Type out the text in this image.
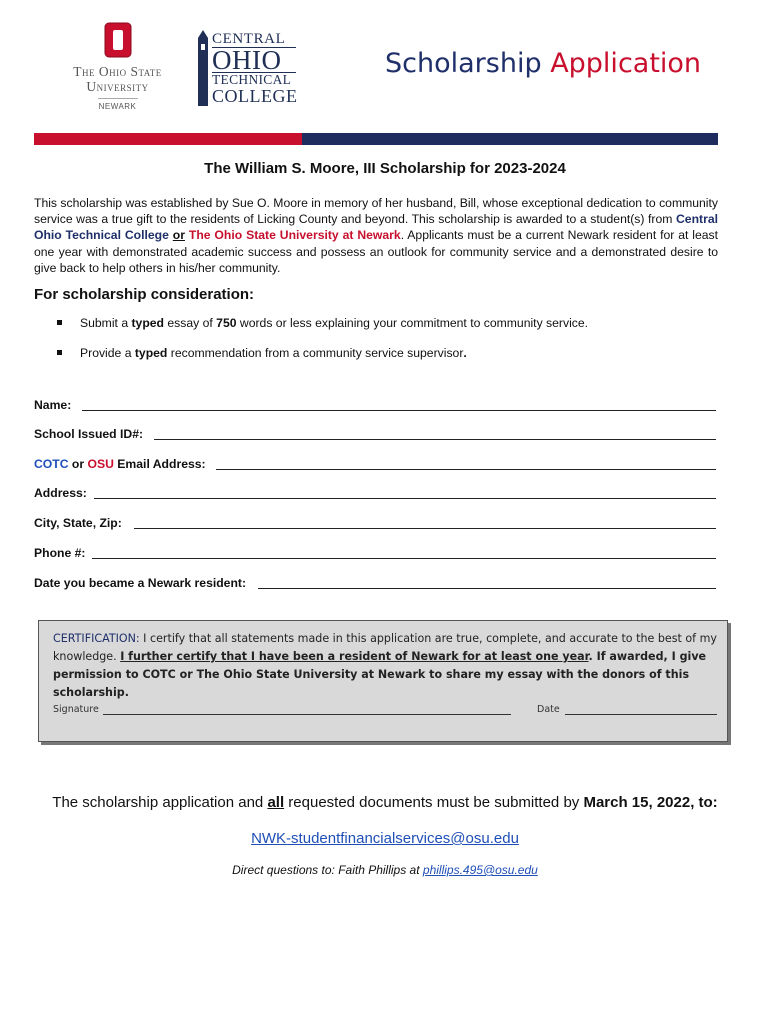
The Ohio State
University
NEWARK
CENTRAL
OHIO
TECHNICAL
COLLEGE
Scholarship Application
The William S. Moore, III Scholarship for 2023-2024
This scholarship was established by Sue O. Moore in memory of her husband, Bill, whose exceptional dedication to community service was a true gift to the residents of Licking County and beyond. This scholarship is awarded to a student(s) from Central Ohio Technical College or The Ohio State University at Newark. Applicants must be a current Newark resident for at least one year with demonstrated academic success and possess an outlook for community service and a demonstrated desire to give back to help others in his/her community.
For scholarship consideration:
Submit a typed essay of 750 words or less explaining your commitment to community service.
Provide a typed recommendation from a community service supervisor.
Name:
School Issued ID#:
COTC or OSU Email Address:
Address:
City, State, Zip:
Phone #:
Date you became a Newark resident:
CERTIFICATION: I certify that all statements made in this application are true, complete, and accurate to the best of my knowledge. I further certify that I have been a resident of Newark for at least one year. If awarded, I give permission to COTC or The Ohio State University at Newark to share my essay with the donors of this scholarship.
Signature	Date
The scholarship application and all requested documents must be submitted by March 15, 2022, to:
NWK-studentfinancialservices@osu.edu
Direct questions to: Faith Phillips at phillips.495@osu.edu
